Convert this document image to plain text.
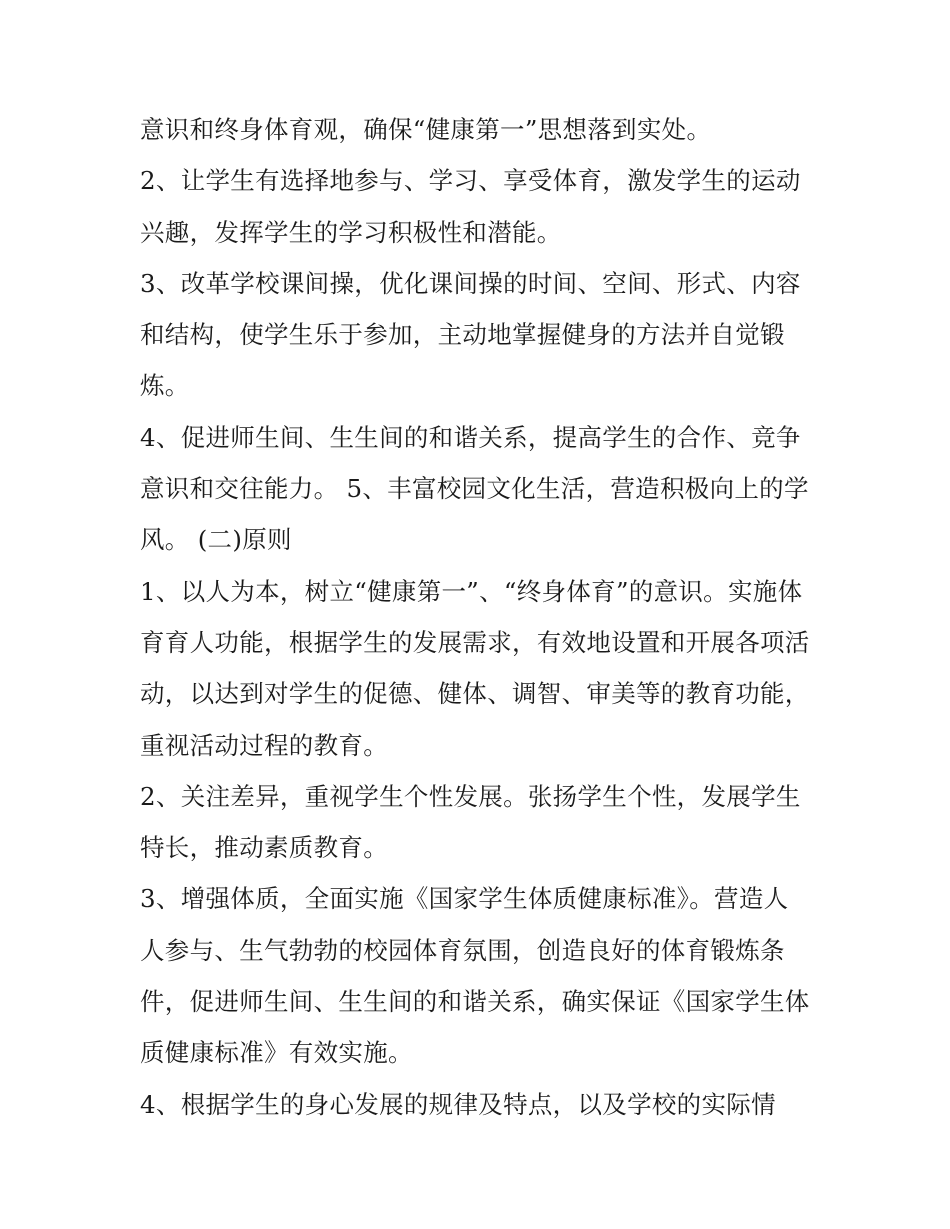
意识和终身体育观，确保“健康第一”思想落到实处。
2、让学生有选择地参与、学习、享受体育，激发学生的运动
兴趣，发挥学生的学习积极性和潜能。
3、改革学校课间操，优化课间操的时间、空间、形式、内容
和结构，使学生乐于参加，主动地掌握健身的方法并自觉锻
炼。
4、促进师生间、生生间的和谐关系，提高学生的合作、竞争
意识和交往能力。 5、丰富校园文化生活，营造积极向上的学
风。 (二)原则
1、以人为本，树立“健康第一”、“终身体育”的意识。实施体
育育人功能，根据学生的发展需求，有效地设置和开展各项活
动，以达到对学生的促德、健体、调智、审美等的教育功能，
重视活动过程的教育。
2、关注差异，重视学生个性发展。张扬学生个性，发展学生
特长，推动素质教育。
3、增强体质，全面实施《国家学生体质健康标准》。营造人
人参与、生气勃勃的校园体育氛围，创造良好的体育锻炼条
件，促进师生间、生生间的和谐关系，确实保证《国家学生体
质健康标准》有效实施。
4、根据学生的身心发展的规律及特点，以及学校的实际情
